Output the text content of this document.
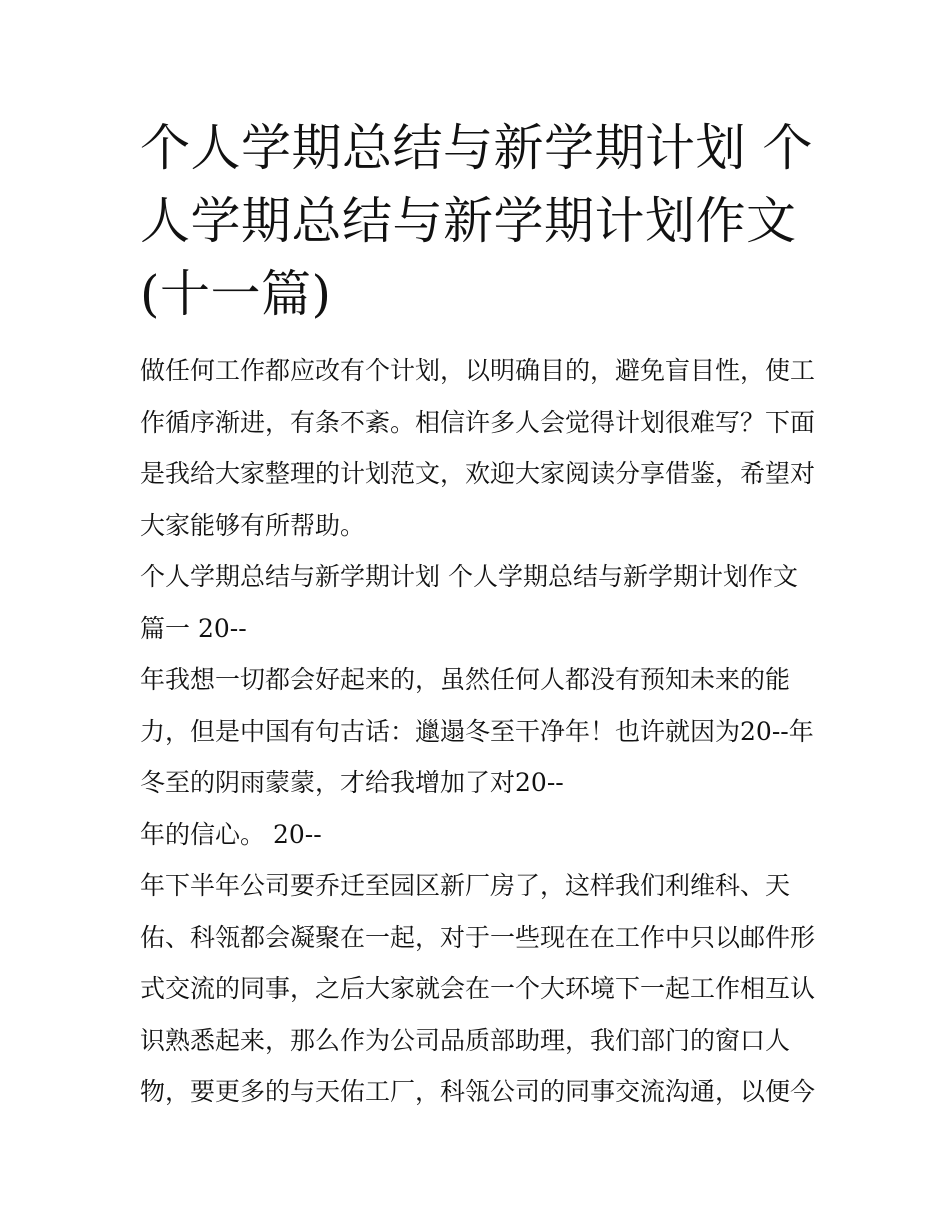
个人学期总结与新学期计划 个
人学期总结与新学期计划作文
(十一篇)
做任何工作都应改有个计划，以明确目的，避免盲目性，使工
作循序渐进，有条不紊。相信许多人会觉得计划很难写？下面
是我给大家整理的计划范文，欢迎大家阅读分享借鉴，希望对
大家能够有所帮助。
个人学期总结与新学期计划 个人学期总结与新学期计划作文
篇一 20--
年我想一切都会好起来的，虽然任何人都没有预知未来的能
力，但是中国有句古话：邋遢冬至干净年！也许就因为20--年
冬至的阴雨蒙蒙，才给我增加了对20--
年的信心。 20--
年下半年公司要乔迁至园区新厂房了，这样我们利维科、天
佑、科瓴都会凝聚在一起，对于一些现在在工作中只以邮件形
式交流的同事，之后大家就会在一个大环境下一起工作相互认
识熟悉起来，那么作为公司品质部助理，我们部门的窗口人
物，要更多的与天佑工厂，科瓴公司的同事交流沟通，以便今
